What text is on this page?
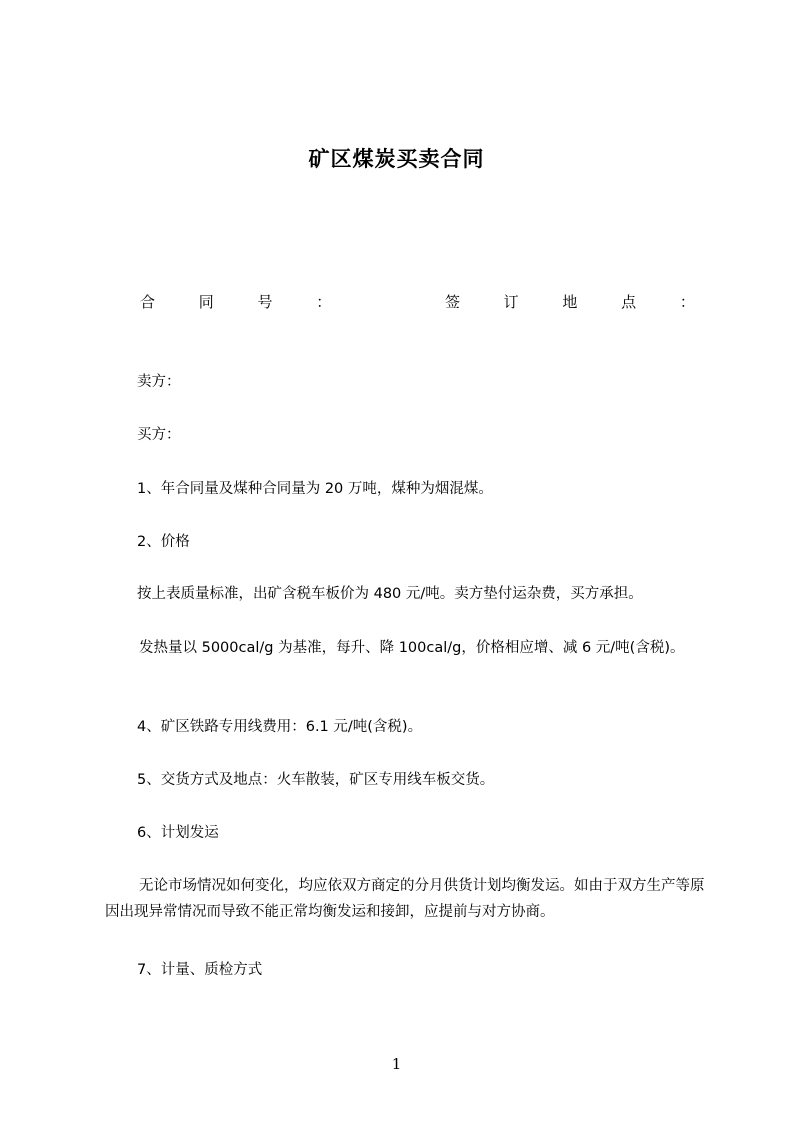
矿区煤炭买卖合同
合	同	号	：	签	订	地	点	：
卖方：
买方：
1、年合同量及煤种合同量为 20 万吨，煤种为烟混煤。
2、价格
按上表质量标准，出矿含税车板价为 480 元/吨。卖方垫付运杂费，买方承担。
发热量以 5000cal/g 为基准，每升、降 100cal/g，价格相应增、减 6 元/吨(含税)。
4、矿区铁路专用线费用：6.1 元/吨(含税)。
5、交货方式及地点：火车散装，矿区专用线车板交货。
6、计划发运
无论市场情况如何变化，均应依双方商定的分月供货计划均衡发运。如由于双方生产等原因出现异常情况而导致不能正常均衡发运和接卸，应提前与对方协商。
7、计量、质检方式
1
